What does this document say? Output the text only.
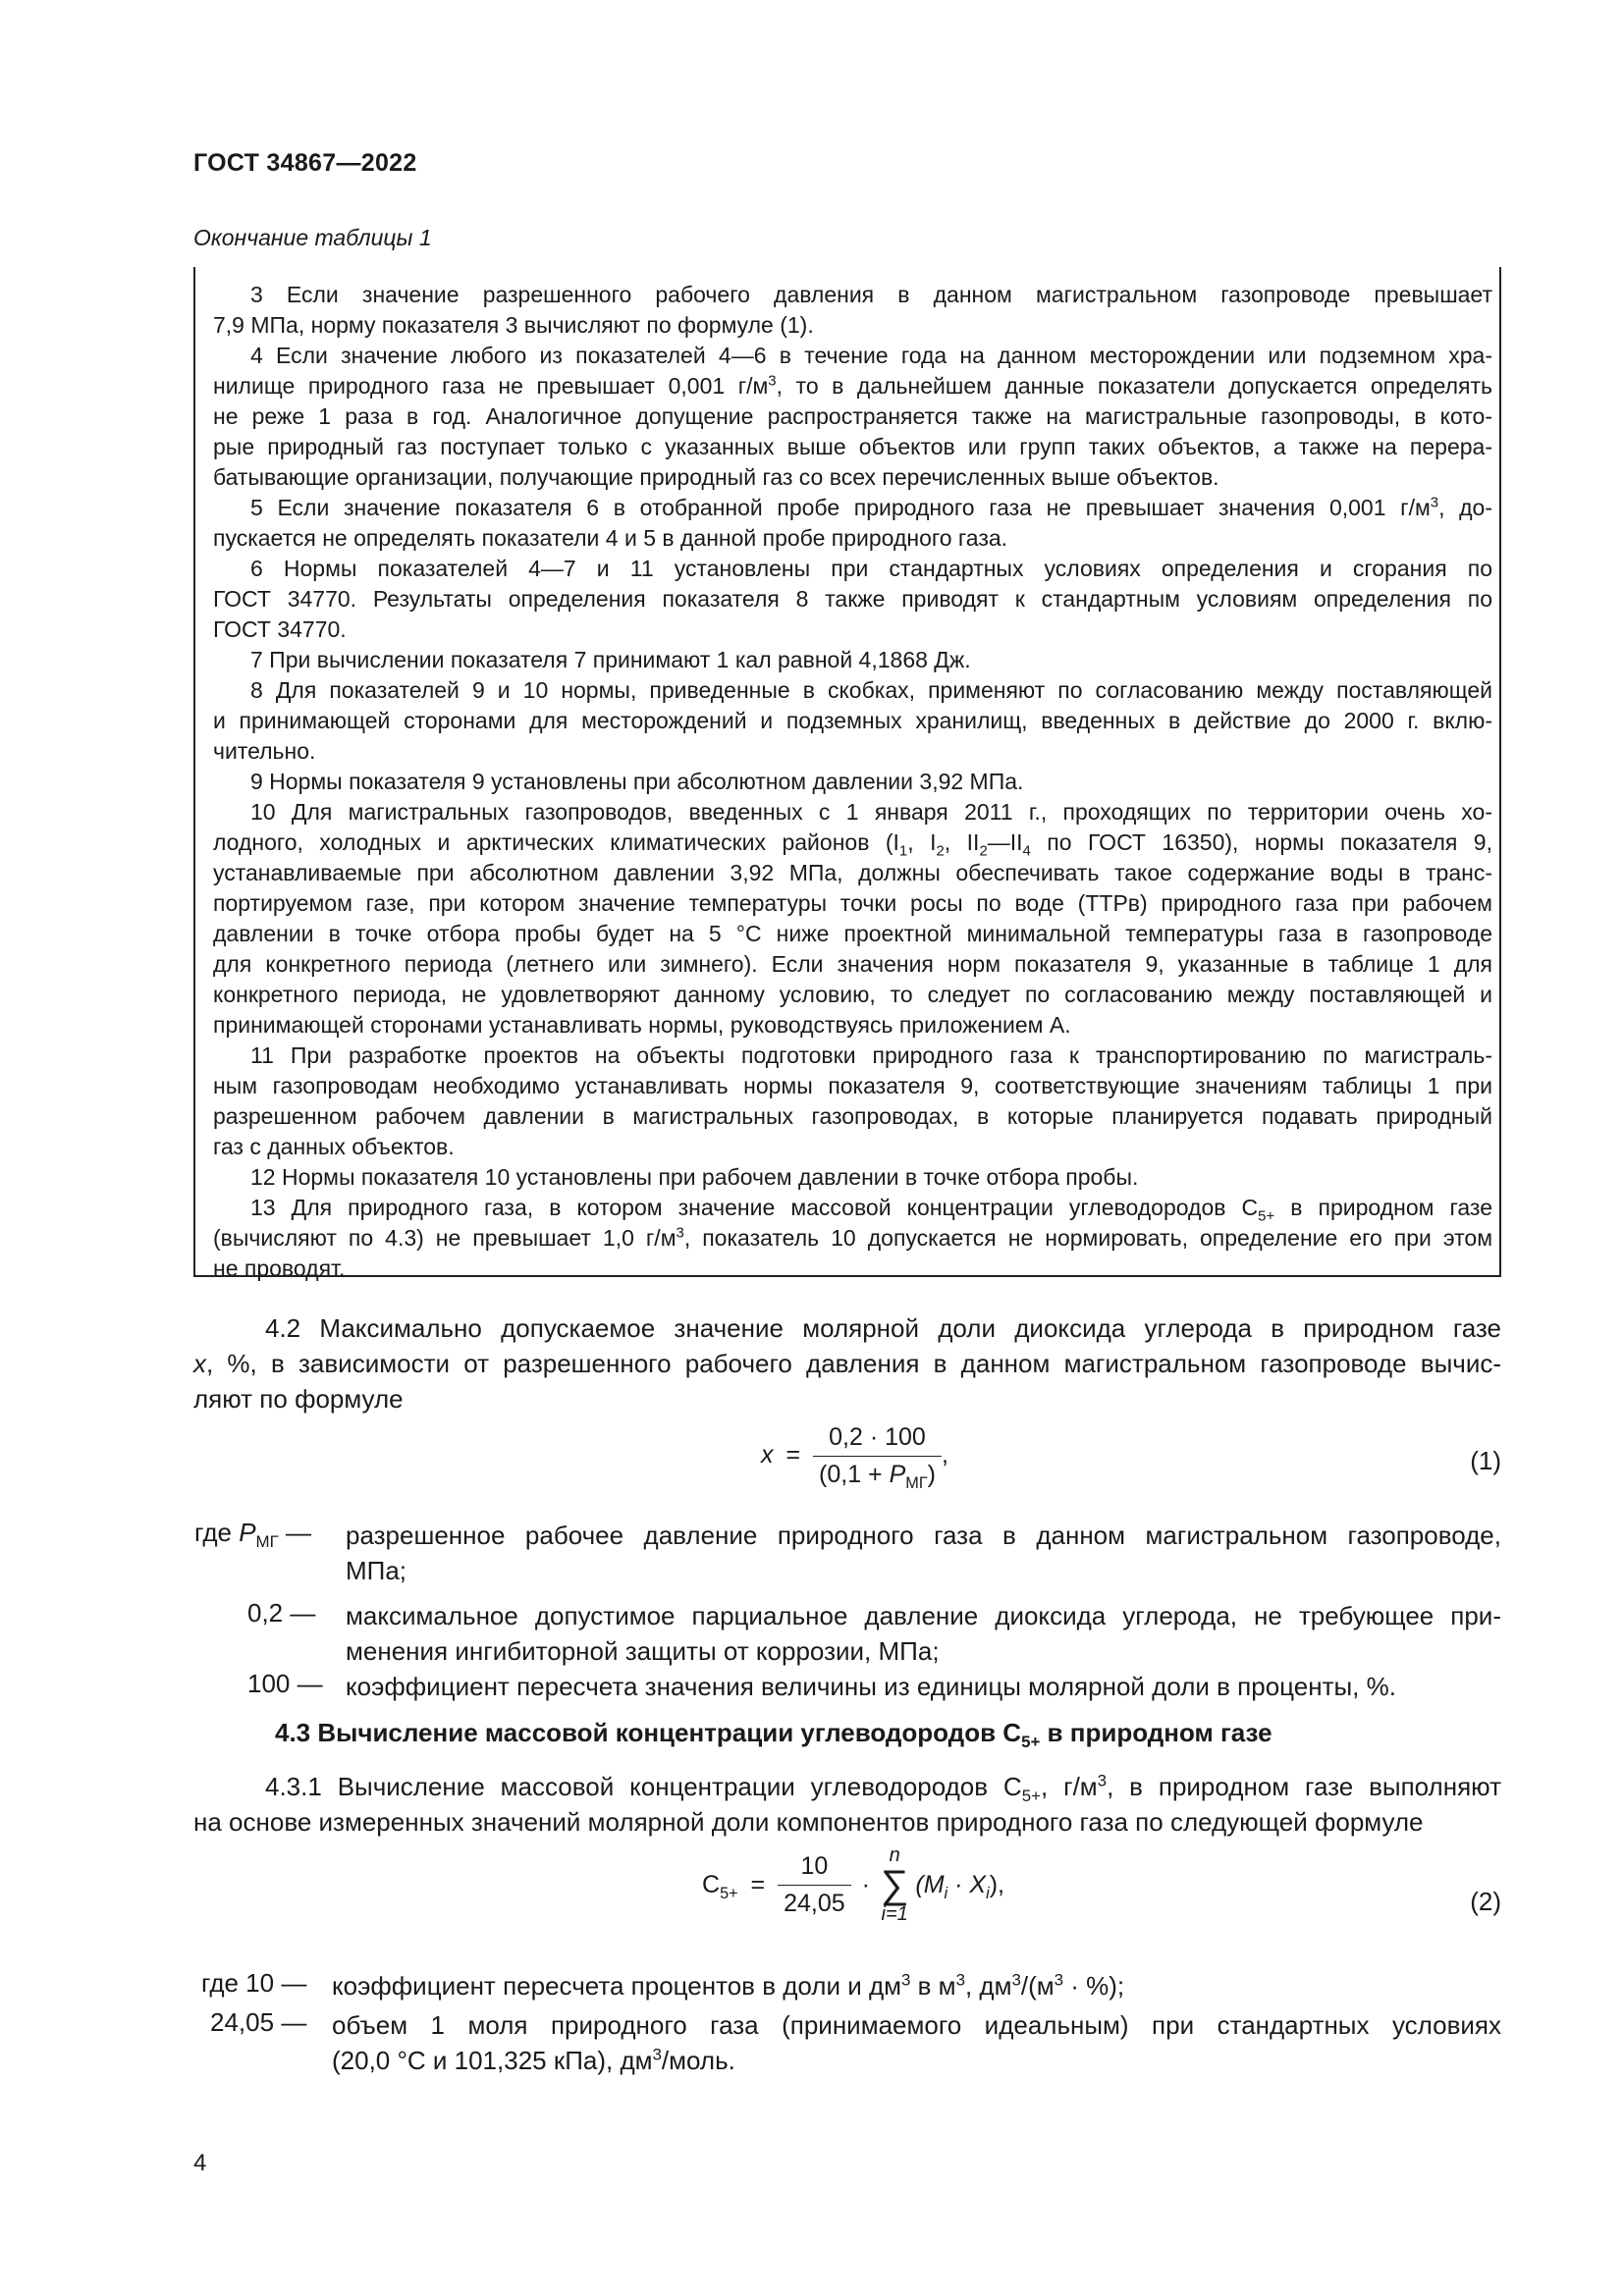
ГОСТ 34867—2022
Окончание таблицы 1

3 Если значение разрешенного рабочего давления в данном магистральном газопроводе превышает

7,9 МПа, норму показателя 3 вычисляют по формуле (1).

4 Если значение любого из показателей 4—6 в течение года на данном месторождении или подземном хра-

нилище природного газа не превышает 0,001 $г/м^3$, то в дальнейшем данные показатели допускается определять

не реже 1 раза в год. Аналогичное допущение распространяется также на магистральные газопроводы, в кото-

рые природный газ поступает только с указанных выше объектов или групп таких объектов, а также на перера-

батывающие организации, получающие природный газ со всех перечисленных выше объектов.

5 Если значение показателя 6 в отобранной пробе природного газа не превышает значения 0,001 $г/м^3$, до-

пускается не определять показатели 4 и 5 в данной пробе природного газа.

6 Нормы показателей 4—7 и 11 установлены при стандартных условиях определения и сгорания по

ГОСТ 34770. Результаты определения показателя 8 также приводят к стандартным условиям определения по

ГОСТ 34770.

7 При вычислении показателя 7 принимают 1 кал равной 4,1868 Дж.

8 Для показателей 9 и 10 нормы, приведенные в скобках, применяют по согласованию между поставляющей

и принимающей сторонами для месторождений и подземных хранилищ, введенных в действие до 2000 г. вклю-

чительно.

9 Нормы показателя 9 установлены при абсолютном давлении 3,92 МПа.

10 Для магистральных газопроводов, введенных с 1 января 2011 г., проходящих по территории очень хо-

лодного, холодных и арктических климатических районов ($I_1$, $I_2$, $II_2—II_4$ по ГОСТ 16350), нормы показателя 9,

устанавливаемые при абсолютном давлении 3,92 МПа, должны обеспечивать такое содержание воды в транс-

портируемом газе, при котором значение температуры точки росы по воде (ТТРв) природного газа при рабочем

давлении в точке отбора пробы будет на 5 °С ниже проектной минимальной температуры газа в газопроводе

для конкретного периода (летнего или зимнего). Если значения норм показателя 9, указанные в таблице 1 для

конкретного периода, не удовлетворяют данному условию, то следует по согласованию между поставляющей и

принимающей сторонами устанавливать нормы, руководствуясь приложением А.

11 При разработке проектов на объекты подготовки природного газа к транспортированию по магистраль-

ным газопроводам необходимо устанавливать нормы показателя 9, соответствующие значениям таблицы 1 при

разрешенном рабочем давлении в магистральных газопроводах, в которые планируется подавать природный

газ с данных объектов.

12 Нормы показателя 10 установлены при рабочем давлении в точке отбора пробы.

13 Для природного газа, в котором значение массовой концентрации углеводородов $С_{5+}$ в природном газе

(вычисляют по 4.3) не превышает 1,0 $г/м^3$, показатель 10 допускается не нормировать, определение его при этом

не проводят.

4.2 Максимально допускаемое значение молярной доли диоксида углерода в природном газе

x, %, в зависимости от разрешенного рабочего давления в данном магистральном газопроводе вычис-

ляют по формуле

$x = \frac{0,2 \cdot 100}{(0,1 + P_{МГ})}$ ,	(1)
где $P_{МГ}$ — разрешенное рабочее давление природного газа в данном магистральном газопроводе,

МПа;

0,2 — максимальное допустимое парциальное давление диоксида углерода, не требующее при-

менения ингибиторной защиты от коррозии, МПа;

100 — коэффициент пересчета значения величины из единицы молярной доли в проценты, %.

4.3 Вычисление массовой концентрации углеводородов $С_{5+}$ в природном газе

4.3.1 Вычисление массовой концентрации углеводородов $С_{5+}$, $г/м^3$, в природном газе выполняют

на основе измеренных значений молярной доли компонентов природного газа по следующей формуле

$С_{5+} = \frac{10}{24,05}$ ·
n
∑
i=1
$(M_i \cdot X_i)$,
(2)
где 10 — коэффициент пересчета процентов в доли и $дм^3$ в $м^3$, $дм^3/(м^3$ · %);

24,05 — объем 1 моля природного газа (принимаемого идеальным) при стандартных условиях

(20,0 °С и 101,325 кПа), $дм^3$/моль.

4
